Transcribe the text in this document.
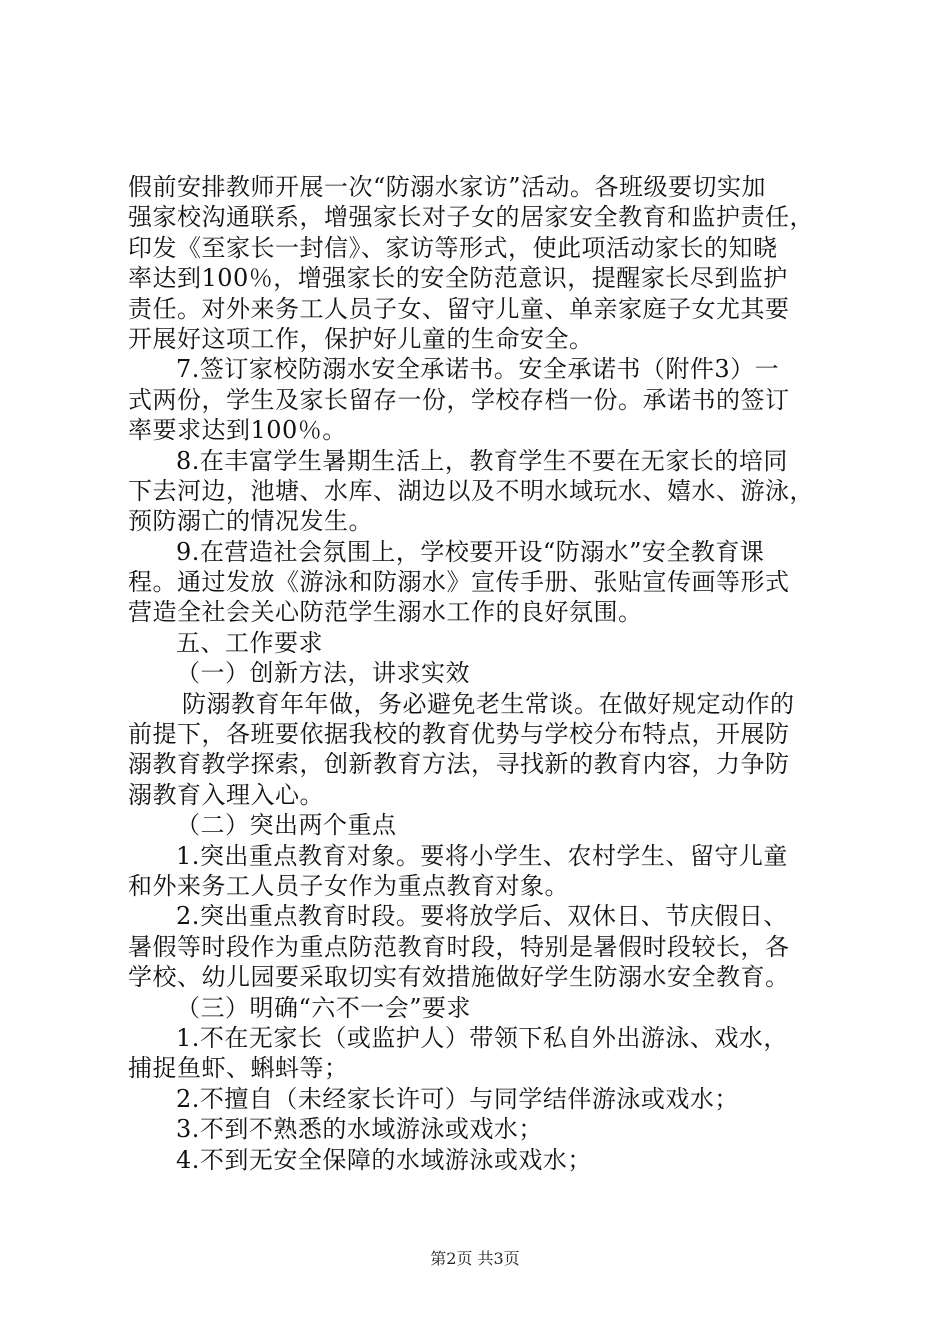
假前安排教师开展一次“防溺水家访”活动。各班级要切实加
强家校沟通联系，增强家长对子女的居家安全教育和监护责任，
印发《至家长一封信》、家访等形式，使此项活动家长的知晓
率达到100％，增强家长的安全防范意识，提醒家长尽到监护
责任。对外来务工人员子女、留守儿童、单亲家庭子女尤其要
开展好这项工作，保护好儿童的生命安全。
7.签订家校防溺水安全承诺书。安全承诺书（附件3）一
式两份，学生及家长留存一份，学校存档一份。承诺书的签订
率要求达到100％。
8.在丰富学生暑期生活上，教育学生不要在无家长的培同
下去河边，池塘、水库、湖边以及不明水域玩水、嬉水、游泳，
预防溺亡的情况发生。
9.在营造社会氛围上，学校要开设“防溺水”安全教育课
程。通过发放《游泳和防溺水》宣传手册、张贴宣传画等形式
营造全社会关心防范学生溺水工作的良好氛围。
五、工作要求
（一）创新方法，讲求实效
防溺教育年年做，务必避免老生常谈。在做好规定动作的
前提下，各班要依据我校的教育优势与学校分布特点，开展防
溺教育教学探索，创新教育方法，寻找新的教育内容，力争防
溺教育入理入心。
（二）突出两个重点
1.突出重点教育对象。要将小学生、农村学生、留守儿童
和外来务工人员子女作为重点教育对象。
2.突出重点教育时段。要将放学后、双休日、节庆假日、
暑假等时段作为重点防范教育时段，特别是暑假时段较长，各
学校、幼儿园要采取切实有效措施做好学生防溺水安全教育。
（三）明确“六不一会”要求
1.不在无家长（或监护人）带领下私自外出游泳、戏水，
捕捉鱼虾、蝌蚪等；
2.不擅自（未经家长许可）与同学结伴游泳或戏水；
3.不到不熟悉的水域游泳或戏水；
4.不到无安全保障的水域游泳或戏水；
第2页 共3页
